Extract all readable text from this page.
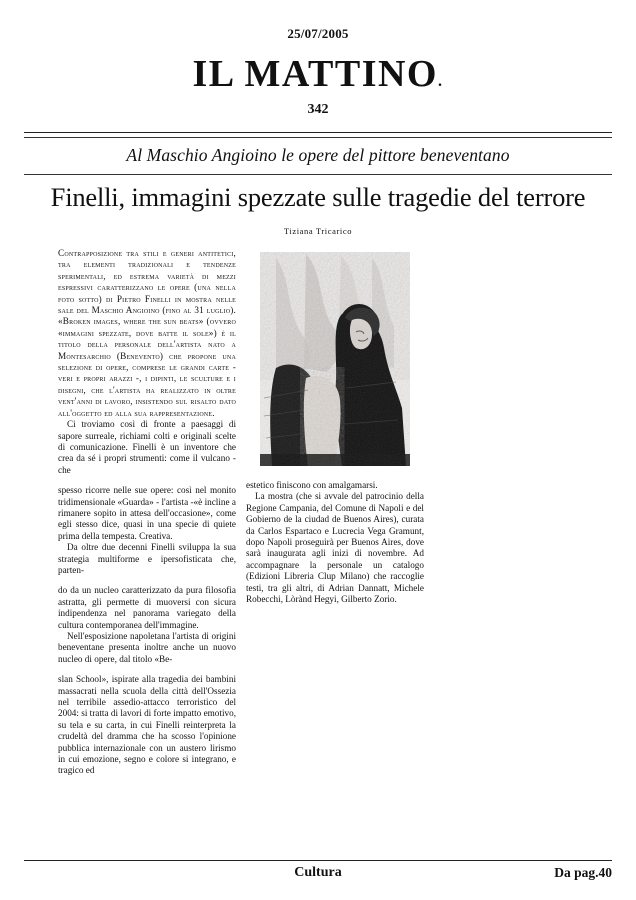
25/07/2005
IL MATTINO.
342
Al Maschio Angioino le opere del pittore beneventano
Finelli, immagini spezzate sulle tragedie del terrore
Tiziana Tricarico

Contrapposizione tra stili e generi antitetici, tra elementi tradizionali e tendenze sperimentali, ed estrema varietà di mezzi espressivi caratterizzano le opere (una nella foto sotto) di Pietro Finelli in mostra nelle sale del Maschio Angioino (fino al 31 luglio). «Broken images, where the sun beats» (ovvero «immagini spezzate, dove batte il sole») è il titolo della personale dell'artista nato a Montesarchio (Benevento) che propone una selezione di opere, comprese le grandi carte - veri e propri arazzi -, i dipinti, le sculture e i disegni, che l'artista ha realizzato in oltre vent'anni di lavoro, insistendo sul risalto dato all'oggetto ed alla sua rappresentazione.

Ci troviamo così di fronte a paesaggi di sapore surreale, richiami colti e originali scelte di comunicazione. Finelli è un inventore che crea da sé i propri strumenti: come il vulcano - che

spesso ricorre nelle sue opere: così nel monito tridimensionale «Guarda» - l'artista -«è incline a rimanere sopito in attesa dell'occasione», come egli stesso dice, quasi in una specie di quiete prima della tempesta. Creativa.

Da oltre due decenni Finelli sviluppa la sua strategia multiforme e ipersofisticata che, parten-

do da un nucleo caratterizzato da pura filosofia astratta, gli permette di muoversi con sicura indipendenza nel panorama variegato della cultura contemporanea dell'immagine.

Nell'esposizione napoletana l'artista di origini beneventane presenta inoltre anche un nuovo nucleo di opere, dal titolo «Be-

slan School», ispirate alla tragedia dei bambini massacrati nella scuola della città dell'Ossezia nel terribile assedio-attacco terroristico del 2004: si tratta di lavori di forte impatto emotivo, su tela e su carta, in cui Finelli reinterpreta la crudeltà del dramma che ha scosso l'opinione pubblica internazionale con un austero lirismo in cui emozione, segno e colore si integrano, e tragico ed

estetico finiscono con amalgamarsi.

La mostra (che si avvale del patrocinio della Regione Campania, del Comune di Napoli e del Gobierno de la ciudad de Buenos Aires), curata da Carlos Espartaco e Lucrecia Vega Gramunt, dopo Napoli proseguirà per Buenos Aires, dove sarà inaugurata agli inizi di novembre. Ad accompagnare la personale un catalogo (Edizioni Libreria Clup Milano) che raccoglie testi, tra gli altri, di Adrian Dannatt, Michele Robecchi, Lòrànd Hegyi, Gilberto Zorio.

Cultura	Da pag.40
